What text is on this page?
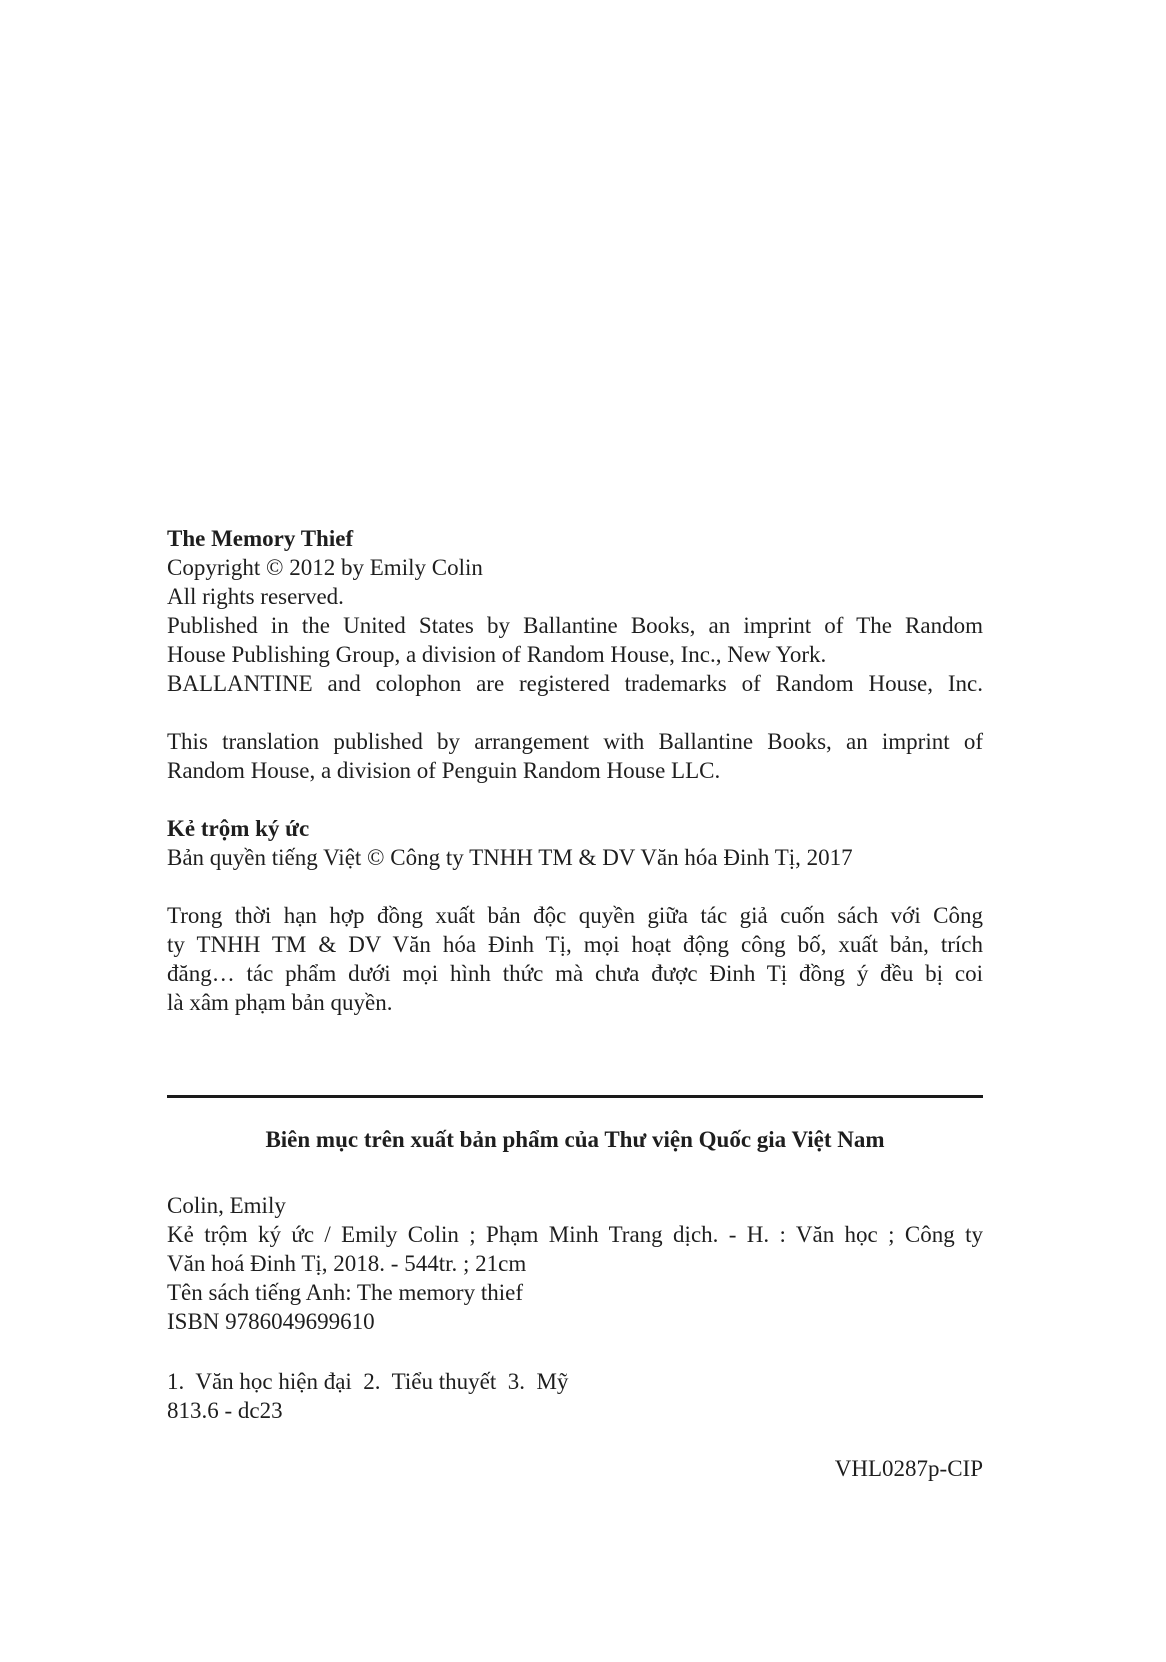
The Memory Thief
Copyright © 2012 by Emily Colin
All rights reserved.
Published in the United States by Ballantine Books, an imprint of The Random
House Publishing Group, a division of Random House, Inc., New York.
BALLANTINE and colophon are registered trademarks of Random House, Inc.
This translation published by arrangement with Ballantine Books, an imprint of
Random House, a division of Penguin Random House LLC.
Kẻ trộm ký ức
Bản quyền tiếng Việt © Công ty TNHH TM & DV Văn hóa Đinh Tị, 2017
Trong thời hạn hợp đồng xuất bản độc quyền giữa tác giả cuốn sách với Công
ty TNHH TM & DV Văn hóa Đinh Tị, mọi hoạt động công bố, xuất bản, trích
đăng… tác phẩm dưới mọi hình thức mà chưa được Đinh Tị đồng ý đều bị coi
là xâm phạm bản quyền.
Biên mục trên xuất bản phẩm của Thư viện Quốc gia Việt Nam
Colin, Emily
Kẻ trộm ký ức / Emily Colin ; Phạm Minh Trang dịch. - H. : Văn học ; Công ty
Văn hoá Đinh Tị, 2018. - 544tr. ; 21cm
Tên sách tiếng Anh: The memory thief
ISBN 9786049699610
1.  Văn học hiện đại  2.  Tiểu thuyết  3.  Mỹ
813.6 - dc23
VHL0287p-CIP
